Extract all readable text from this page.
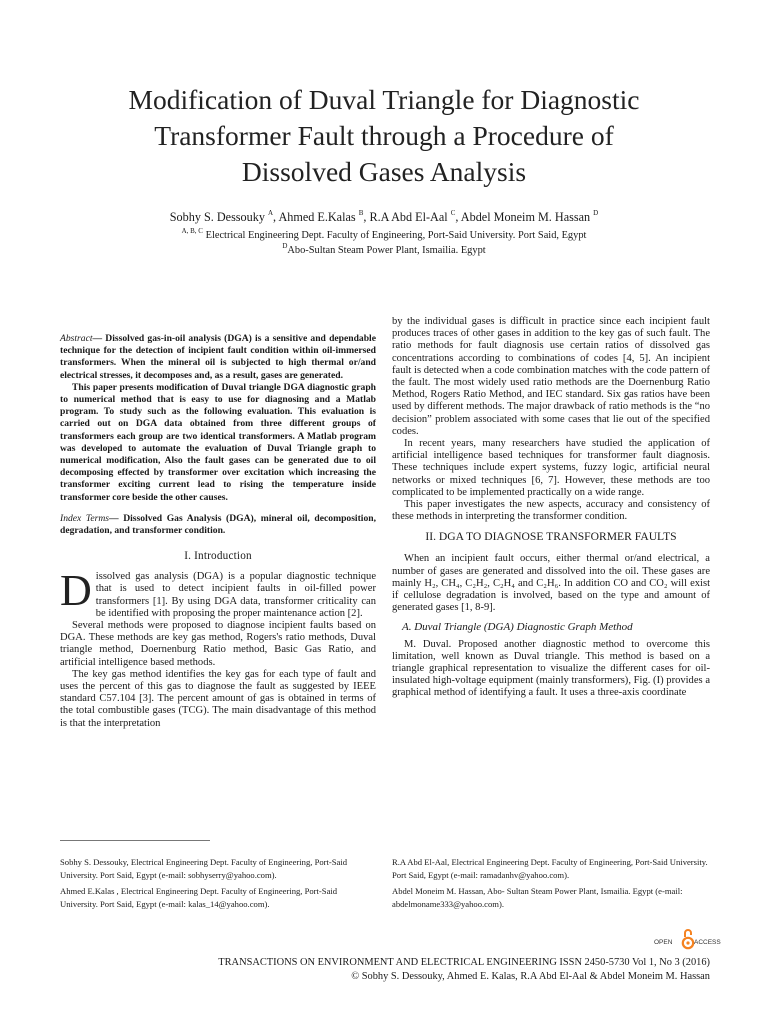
Modification of Duval Triangle for Diagnostic
Transformer Fault through a Procedure of
Dissolved Gases Analysis
Sobhy S. Dessouky $^A$, Ahmed E.Kalas $^B$, R.A Abd El-Aal $^C$, Abdel Moneim M. Hassan $^D$
$^{A, B, C}$ Electrical Engineering Dept. Faculty of Engineering, Port-Said University. Port Said, Egypt
$^D$Abo-Sultan Steam Power Plant, Ismailia. Egypt

Abstract— Dissolved gas-in-oil analysis (DGA) is a sensitive and dependable technique for the detection of incipient fault condition within oil-immersed transformers. When the mineral oil is subjected to high thermal or/and electrical stresses, it decomposes and, as a result, gases are generated.

This paper presents modification of Duval triangle DGA diagnostic graph to numerical method that is easy to use for diagnosing and a Matlab program. To study such as the following evaluation. This evaluation is carried out on DGA data obtained from three different groups of transformers each group are two identical transformers. A Matlab program was developed to automate the evaluation of Duval Triangle graph to numerical modification, Also the fault gases can be generated due to oil decomposing effected by transformer over excitation which increasing the transformer exciting current lead to rising the temperature inside transformer core beside the other causes.

Index Terms— Dissolved Gas Analysis (DGA), mineral oil, decomposition, degradation, and transformer condition.

I. Introduction

Dissolved gas analysis (DGA) is a popular diagnostic technique that is used to detect incipient faults in oil-filled power transformers [1]. By using DGA data, transformer criticality can be identified with proposing the proper maintenance action [2].

Several methods were proposed to diagnose incipient faults based on DGA. These methods are key gas method, Rogers's ratio methods, Duval triangle method, Doernenburg Ratio method, Basic Gas Ratio, and artificial intelligence based methods.

The key gas method identifies the key gas for each type of fault and uses the percent of this gas to diagnose the fault as suggested by IEEE standard C57.104 [3]. The percent amount of gas is obtained in terms of the total combustible gases (TCG). The main disadvantage of this method is that the interpretation

by the individual gases is difficult in practice since each incipient fault produces traces of other gases in addition to the key gas of such fault. The ratio methods for fault diagnosis use certain ratios of dissolved gas concentrations according to combinations of codes [4, 5]. An incipient fault is detected when a code combination matches with the code pattern of the fault. The most widely used ratio methods are the Doernenburg Ratio Method, Rogers Ratio Method, and IEC standard. Six gas ratios have been used by different methods. The major drawback of ratio methods is the “no decision” problem associated with some cases that lie out of the specified codes.

In recent years, many researchers have studied the application of artificial intelligence based techniques for transformer fault diagnosis. These techniques include expert systems, fuzzy logic, artificial neural networks or mixed techniques [6, 7]. However, these methods are too complicated to be implemented practically on a wide range.

This paper investigates the new aspects, accuracy and consistency of these methods in interpreting the transformer condition.

II. DGA TO DIAGNOSE TRANSFORMER FAULTS

When an incipient fault occurs, either thermal or/and electrical, a number of gases are generated and dissolved into the oil. These gases are mainly H₂, CH₄, C₂H₂, C₂H₄ and C₂H₆. In addition CO and CO₂ will exist if cellulose degradation is involved, based on the type and amount of generated gases [1, 8-9].

A. Duval Triangle (DGA) Diagnostic Graph Method

M. Duval. Proposed another diagnostic method to overcome this limitation, well known as Duval triangle. This method is based on a triangle graphical representation to visualize the different cases for oil-insulated high-voltage equipment (mainly transformers), Fig. (I) provides a graphical method of identifying a fault. It uses a three-axis coordinate

Sobhy S. Dessouky, Electrical Engineering Dept. Faculty of Engineering, Port-Said University. Port Said, Egypt (e-mail: sobhyserry@yahoo.com).

Ahmed E.Kalas , Electrical Engineering Dept. Faculty of Engineering, Port-Said University. Port Said, Egypt (e-mail: kalas_14@yahoo.com).

R.A Abd El-Aal, Electrical Engineering Dept. Faculty of Engineering, Port-Said University. Port Said, Egypt (e-mail: ramadanhv@yahoo.com).

Abdel Moneim M. Hassan, Abo- Sultan Steam Power Plant, Ismailia. Egypt (e-mail: abdelmoname333@yahoo.com).

OPEN	ACCESS
TRANSACTIONS ON ENVIRONMENT AND ELECTRICAL ENGINEERING ISSN 2450-5730 Vol 1, No 3 (2016)
© Sobhy S. Dessouky, Ahmed E. Kalas, R.A Abd El-Aal & Abdel Moneim M. Hassan
